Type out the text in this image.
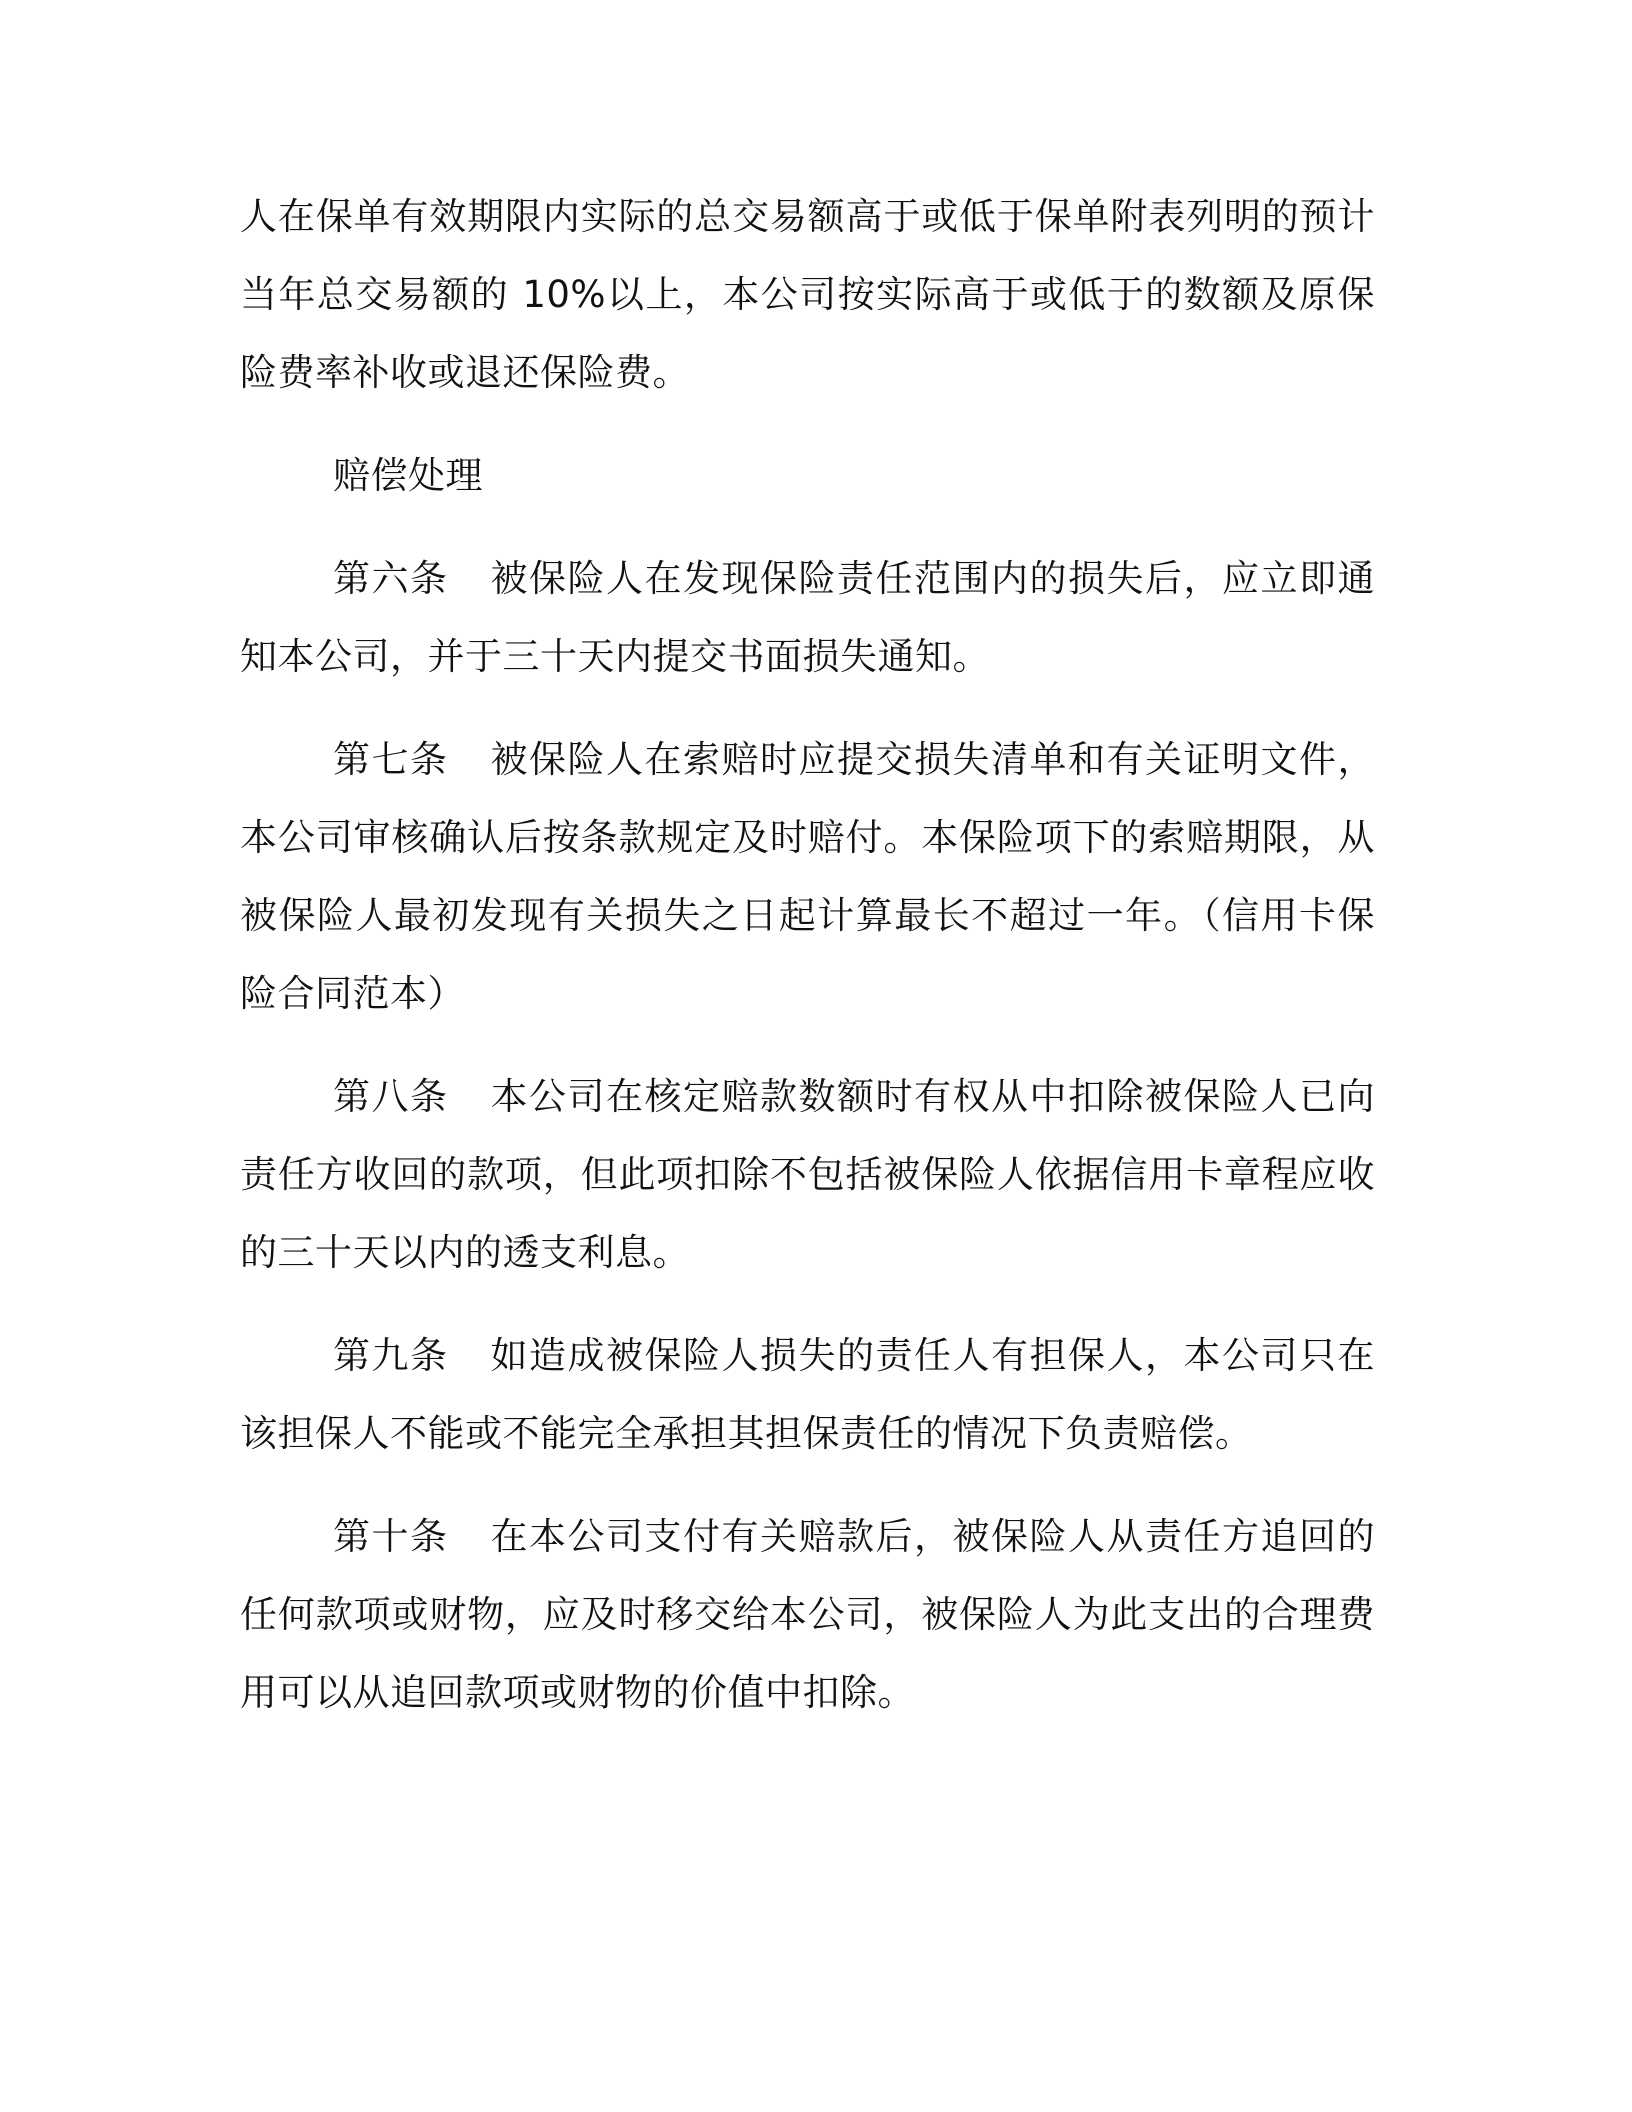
人在保单有效期限内实际的总交易额高于或低于保单附表列明的预计当年总交易额的 10%以上，本公司按实际高于或低于的数额及原保险费率补收或退还保险费。

赔偿处理

第六条 被保险人在发现保险责任范围内的损失后，应立即通知本公司，并于三十天内提交书面损失通知。

第七条 被保险人在索赔时应提交损失清单和有关证明文件，本公司审核确认后按条款规定及时赔付。本保险项下的索赔期限，从被保险人最初发现有关损失之日起计算最长不超过一年。（信用卡保险合同范本）

第八条 本公司在核定赔款数额时有权从中扣除被保险人已向责任方收回的款项，但此项扣除不包括被保险人依据信用卡章程应收的三十天以内的透支利息。

第九条 如造成被保险人损失的责任人有担保人，本公司只在该担保人不能或不能完全承担其担保责任的情况下负责赔偿。

第十条 在本公司支付有关赔款后，被保险人从责任方追回的任何款项或财物，应及时移交给本公司，被保险人为此支出的合理费用可以从追回款项或财物的价值中扣除。
